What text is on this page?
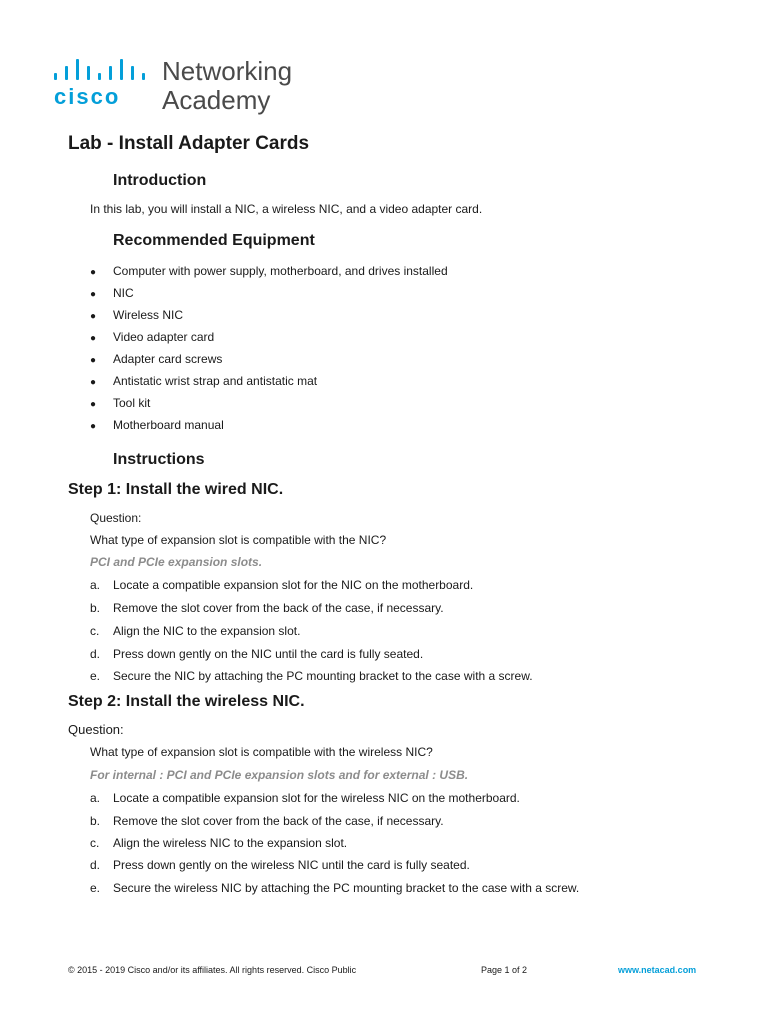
cisco
Networking
Academy
Lab - Install Adapter Cards
Introduction

In this lab, you will install a NIC, a wireless NIC, and a video adapter card.

Recommended Equipment
● Computer with power supply, motherboard, and drives installed
● NIC
● Wireless NIC
● Video adapter card
● Adapter card screws
● Antistatic wrist strap and antistatic mat
● Tool kit
● Motherboard manual
Instructions
Step 1: Install the wired NIC.

Question:

What type of expansion slot is compatible with the NIC?

PCI and PCIe expansion slots.

a. Locate a compatible expansion slot for the NIC on the motherboard.
b. Remove the slot cover from the back of the case, if necessary.
c. Align the NIC to the expansion slot.
d. Press down gently on the NIC until the card is fully seated.
e. Secure the NIC by attaching the PC mounting bracket to the case with a screw.
Step 2: Install the wireless NIC.

Question:

What type of expansion slot is compatible with the wireless NIC?

For internal : PCI and PCIe expansion slots and for external : USB.

a. Locate a compatible expansion slot for the wireless NIC on the motherboard.
b. Remove the slot cover from the back of the case, if necessary.
c. Align the wireless NIC to the expansion slot.
d. Press down gently on the wireless NIC until the card is fully seated.
e. Secure the wireless NIC by attaching the PC mounting bracket to the case with a screw.
© 2015 - 2019 Cisco and/or its affiliates. All rights reserved. Cisco Public	Page 1 of 2	www.netacad.com
